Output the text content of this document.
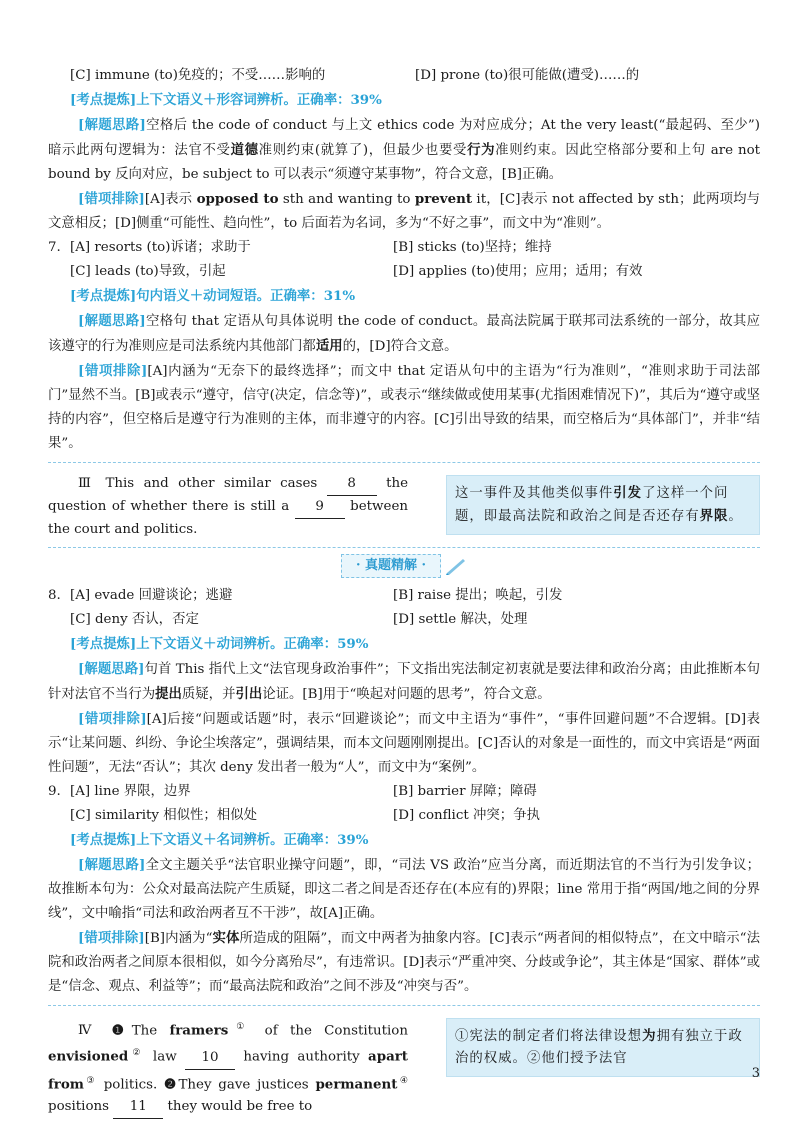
[C] immune (to)免疫的；不受……影响的	[D] prone (to)很可能做(遭受)……的
[考点提炼]上下文语义＋形容词辨析。正确率：39%
[解题思路]空格后 the code of conduct 与上文 ethics code 为对应成分；At the very least(“最起码、至少”)暗示此两句逻辑为：法官不受道德准则约束(就算了)，但最少也要受行为准则约束。因此空格部分要和上句 are not bound by 反向对应，be subject to 可以表示“须遵守某事物”，符合文意，[B]正确。
[错项排除][A]表示 opposed to sth and wanting to prevent it，[C]表示 not affected by sth；此两项均与文意相反；[D]侧重“可能性、趋向性”，to 后面若为名词，多为“不好之事”，而文中为“准则”。
7. [A] resorts (to)诉诸；求助于	[B] sticks (to)坚持；维持
[C] leads (to)导致，引起	[D] applies (to)使用；应用；适用；有效
[考点提炼]句内语义＋动词短语。正确率：31%
[解题思路]空格句 that 定语从句具体说明 the code of conduct。最高法院属于联邦司法系统的一部分，故其应该遵守的行为准则应是司法系统内其他部门都适用的，[D]符合文意。
[错项排除][A]内涵为“无奈下的最终选择”；而文中 that 定语从句中的主语为“行为准则”，“准则求助于司法部门”显然不当。[B]或表示“遵守，信守(决定，信念等)”，或表示“继续做或使用某事(尤指困难情况下)”，其后为“遵守或坚持的内容”，但空格后是遵守行为准则的主体，而非遵守的内容。[C]引出导致的结果，而空格后为“具体部门”，并非“结果”。
Ⅲ This and other similar cases 8 the question of whether there is still a 9 between the court and politics.
这一事件及其他类似事件引发了这样一个问题，即最高法院和政治之间是否还存有界限。
· 真题精解 ·
8. [A] evade 回避谈论；逃避	[B] raise 提出；唤起，引发
[C] deny 否认，否定	[D] settle 解决，处理
[考点提炼]上下文语义＋动词辨析。正确率：59%
[解题思路]句首 This 指代上文“法官现身政治事件”；下文指出宪法制定初衷就是要法律和政治分离；由此推断本句针对法官不当行为提出质疑，并引出论证。[B]用于“唤起对问题的思考”，符合文意。
[错项排除][A]后接“问题或话题”时，表示“回避谈论”；而文中主语为“事件”，“事件回避问题”不合逻辑。[D]表示“让某问题、纠纷、争论尘埃落定”，强调结果，而本文问题刚刚提出。[C]否认的对象是一面性的，而文中宾语是“两面性问题”，无法“否认”；其次 deny 发出者一般为“人”，而文中为“案例”。
9. [A] line 界限，边界	[B] barrier 屏障；障碍
[C] similarity 相似性；相似处	[D] conflict 冲突；争执
[考点提炼]上下文语义＋名词辨析。正确率：39%
[解题思路]全文主题关乎“法官职业操守问题”，即，“司法 VS 政治”应当分离，而近期法官的不当行为引发争议；故推断本句为：公众对最高法院产生质疑，即这二者之间是否还存在(本应有的)界限；line 常用于指“两国/地之间的分界线”，文中喻指“司法和政治两者互不干涉”，故[A]正确。
[错项排除][B]内涵为“实体所造成的阻隔”，而文中两者为抽象内容。[C]表示“两者间的相似特点”，在文中暗示“法院和政治两者之间原本很相似，如今分离殆尽”，有违常识。[D]表示“严重冲突、分歧或争论”，其主体是“国家、群体”或是“信念、观点、利益等”；而“最高法院和政治”之间不涉及“冲突与否”。
Ⅳ ❶The framers① of the Constitution envisioned② law 10 having authority apart from③ politics. ❷They gave justices permanent④ positions 11 they would be free to
①宪法的制定者们将法律设想为拥有独立于政治的权威。②他们授予法官
3
